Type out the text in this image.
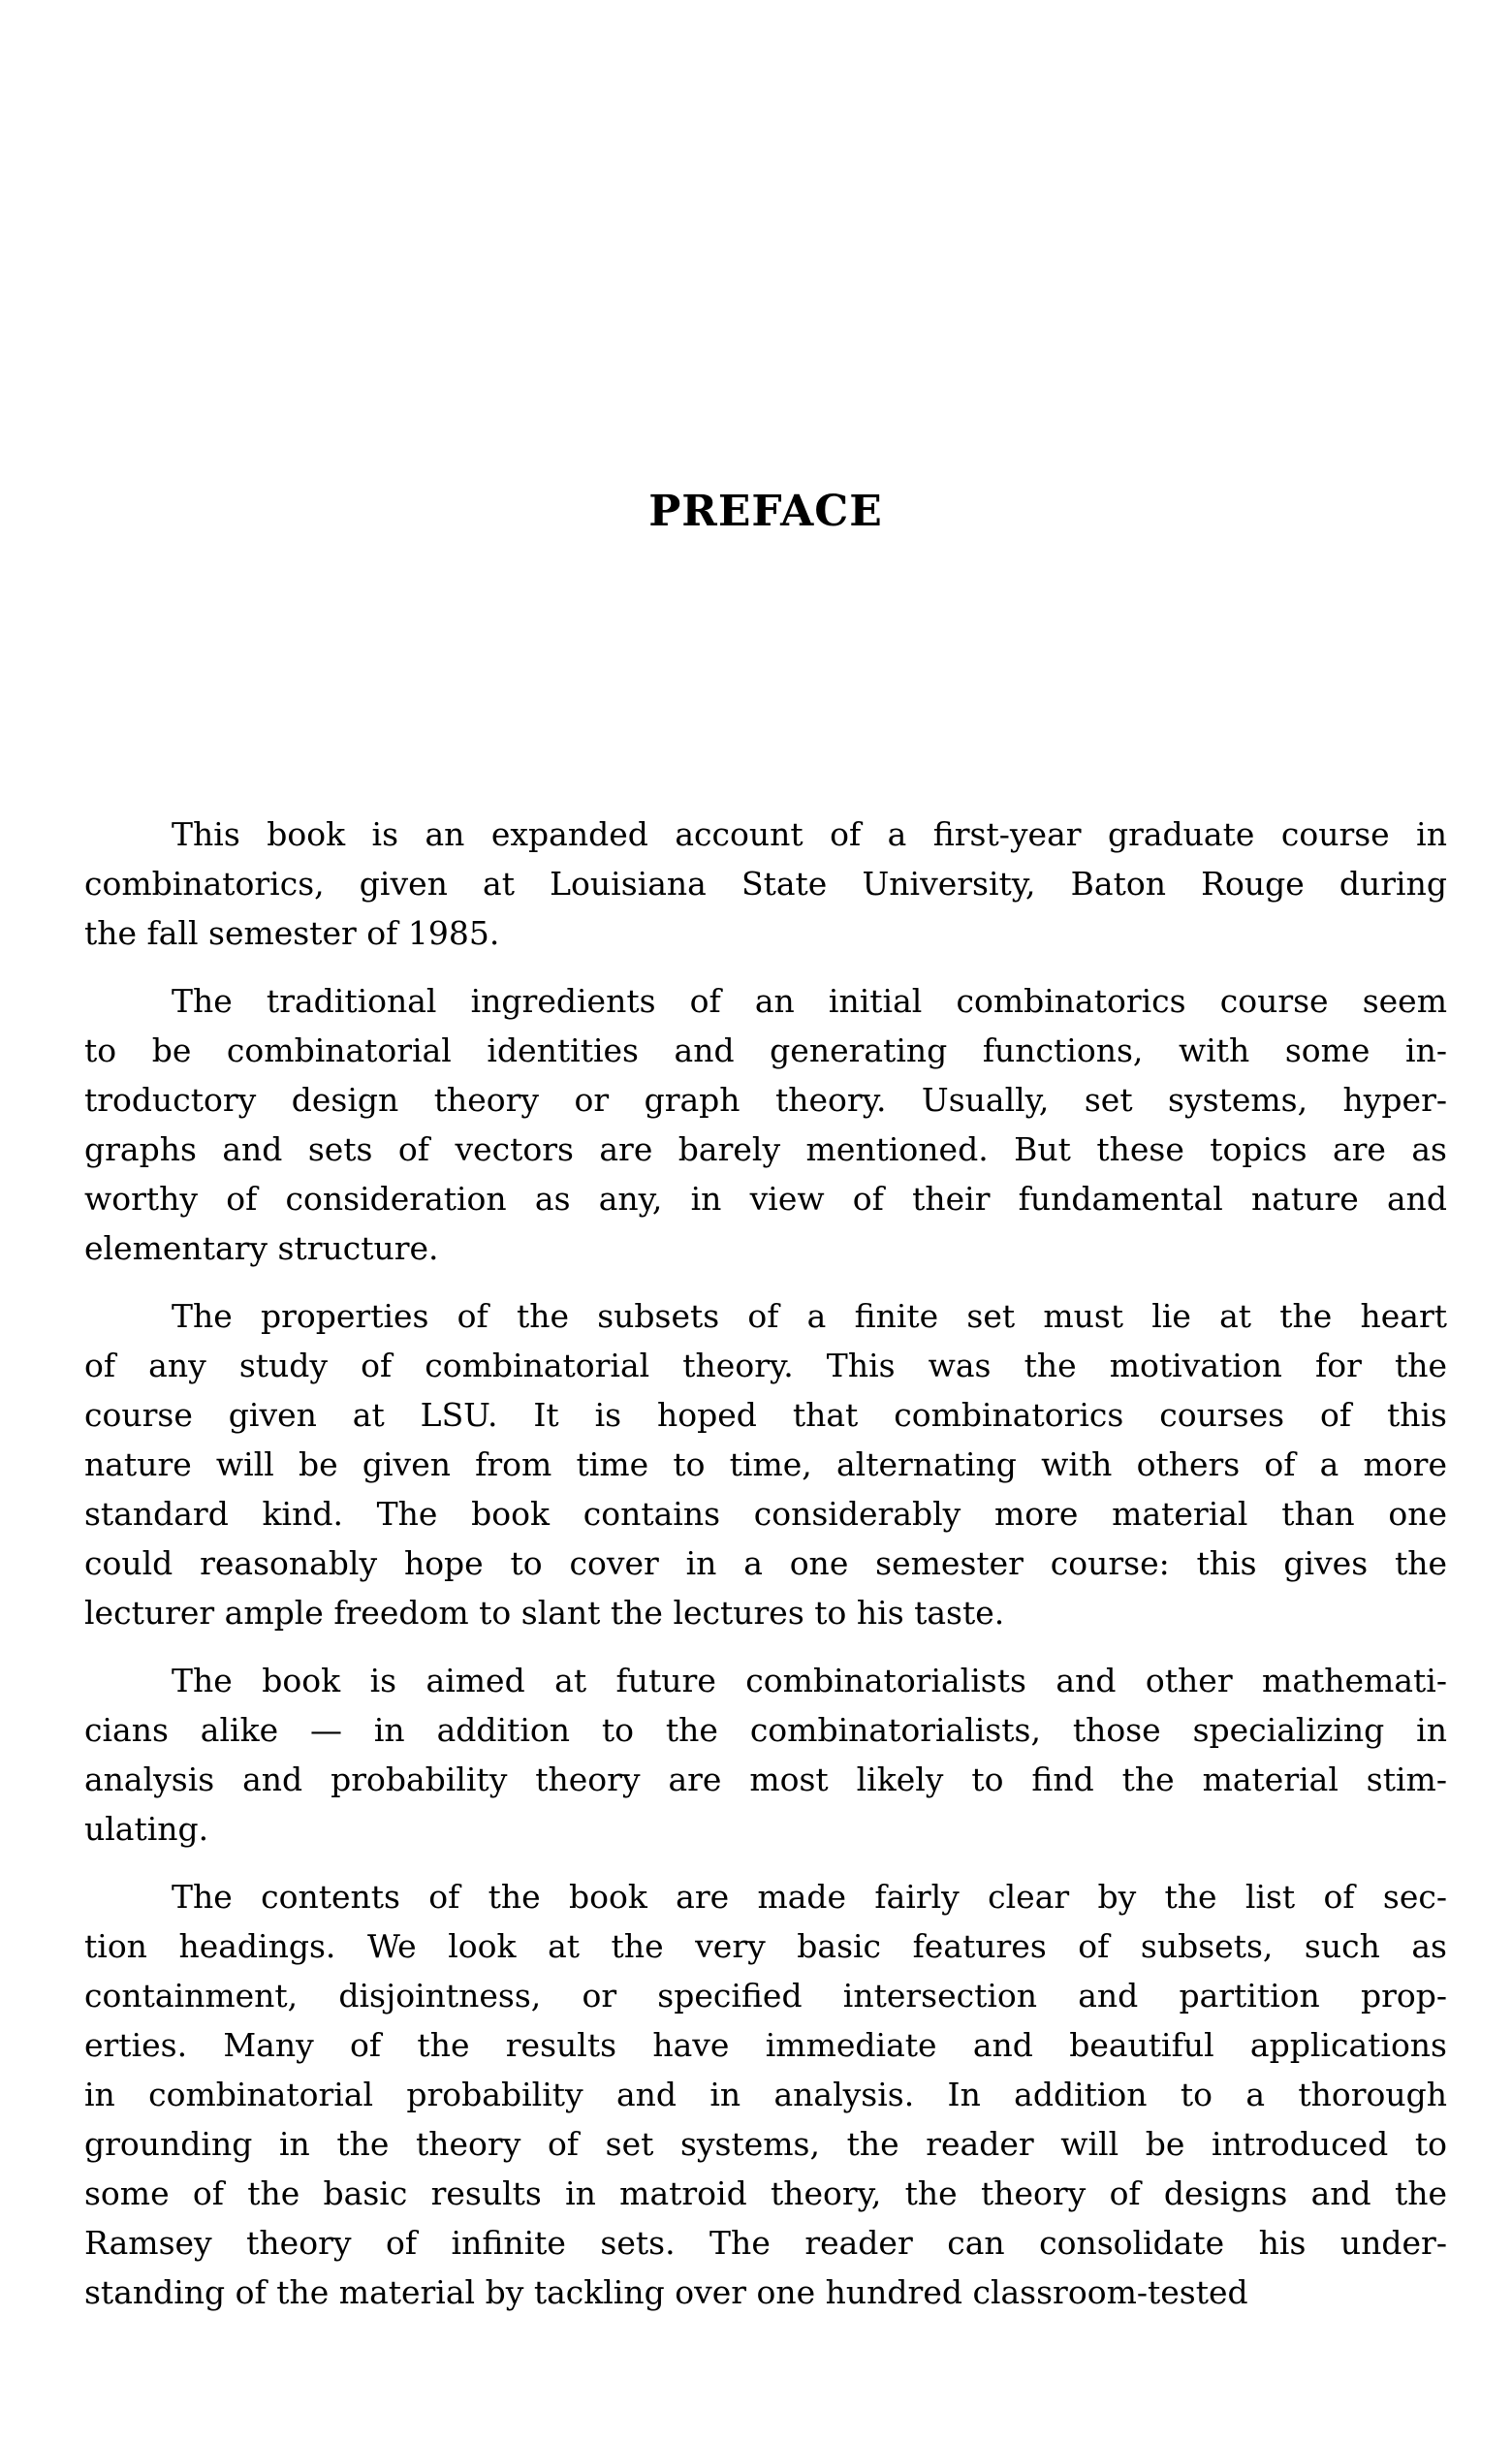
PREFACE
This book is an expanded account of a first-year graduate course in
combinatorics, given at Louisiana State University, Baton Rouge during
the fall semester of 1985.
The traditional ingredients of an initial combinatorics course seem
to be combinatorial identities and generating functions, with some in-
troductory design theory or graph theory. Usually, set systems, hyper-
graphs and sets of vectors are barely mentioned. But these topics are as
worthy of consideration as any, in view of their fundamental nature and
elementary structure.
The properties of the subsets of a finite set must lie at the heart
of any study of combinatorial theory. This was the motivation for the
course given at LSU. It is hoped that combinatorics courses of this
nature will be given from time to time, alternating with others of a more
standard kind. The book contains considerably more material than one
could reasonably hope to cover in a one semester course: this gives the
lecturer ample freedom to slant the lectures to his taste.
The book is aimed at future combinatorialists and other mathemati-
cians alike — in addition to the combinatorialists, those specializing in
analysis and probability theory are most likely to find the material stim-
ulating.
The contents of the book are made fairly clear by the list of sec-
tion headings. We look at the very basic features of subsets, such as
containment, disjointness, or specified intersection and partition prop-
erties. Many of the results have immediate and beautiful applications
in combinatorial probability and in analysis. In addition to a thorough
grounding in the theory of set systems, the reader will be introduced to
some of the basic results in matroid theory, the theory of designs and the
Ramsey theory of infinite sets. The reader can consolidate his under-
standing of the material by tackling over one hundred classroom-tested
